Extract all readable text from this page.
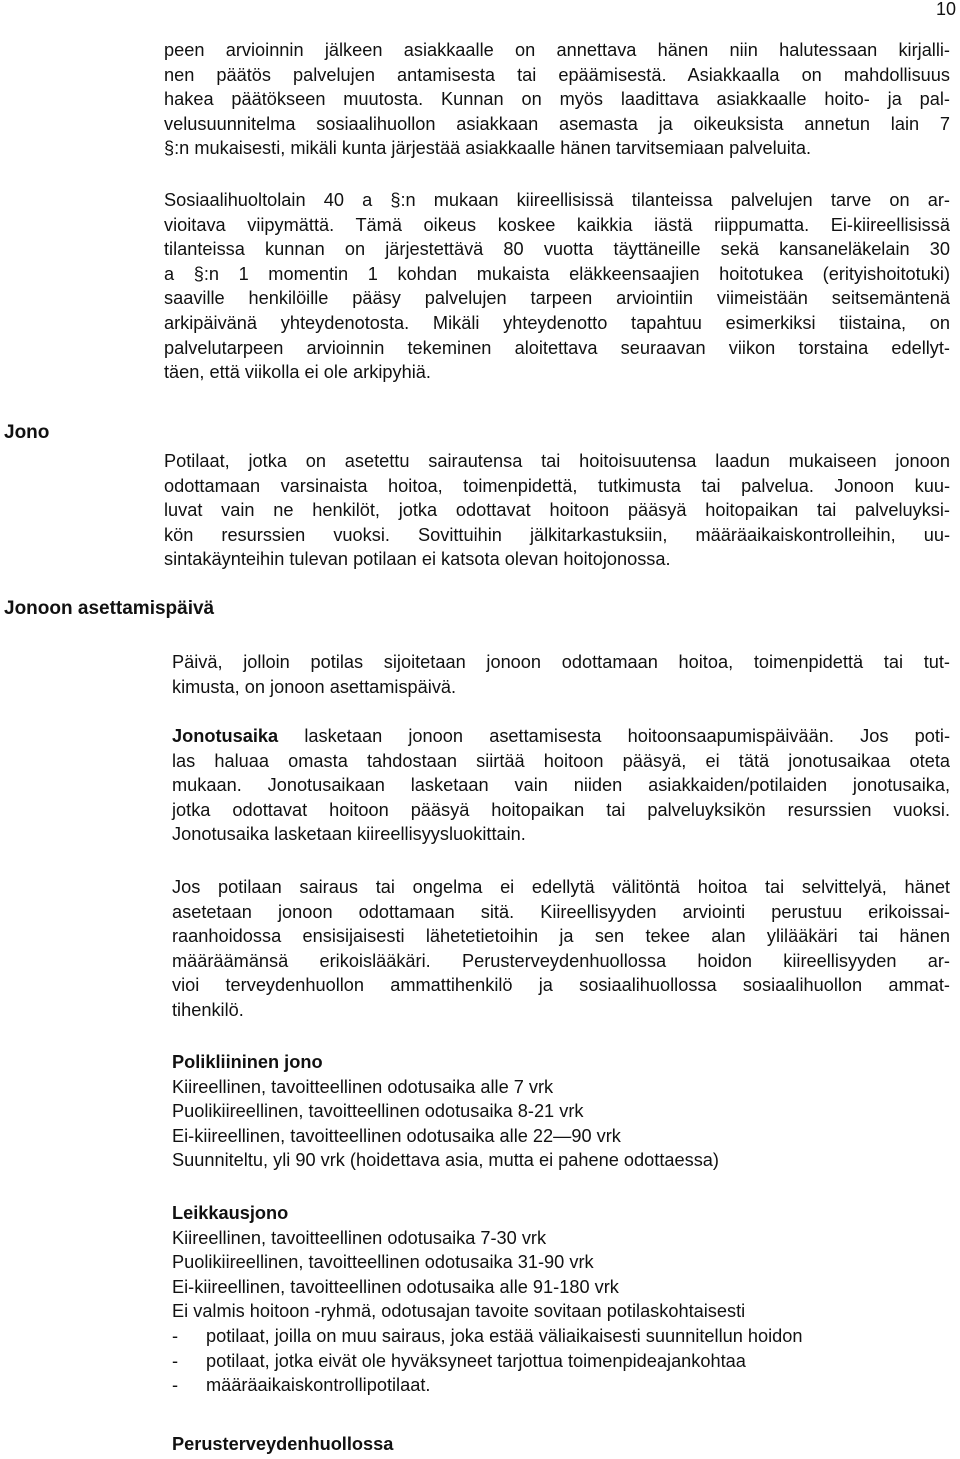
10
peen arvioinnin jälkeen asiakkaalle on annettava hänen niin halutessaan kirjalli-
nen päätös palvelujen antamisesta tai epäämisestä. Asiakkaalla on mahdollisuus
hakea päätökseen muutosta. Kunnan on myös laadittava asiakkaalle hoito- ja pal-
velusuunnitelma sosiaalihuollon asiakkaan asemasta ja oikeuksista annetun lain 7
§:n mukaisesti, mikäli kunta järjestää asiakkaalle hänen tarvitsemiaan palveluita.
Sosiaalihuoltolain 40 a §:n mukaan kiireellisissä tilanteissa palvelujen tarve on ar-
vioitava viipymättä. Tämä oikeus koskee kaikkia iästä riippumatta. Ei-kiireellisissä
tilanteissa kunnan on järjestettävä 80 vuotta täyttäneille sekä kansaneläkelain 30
a §:n 1 momentin 1 kohdan mukaista eläkkeensaajien hoitotukea (erityishoitotuki)
saaville henkilöille pääsy palvelujen tarpeen arviointiin viimeistään seitsemäntenä
arkipäivänä yhteydenotosta. Mikäli yhteydenotto tapahtuu esimerkiksi tiistaina, on
palvelutarpeen arvioinnin tekeminen aloitettava seuraavan viikon torstaina edellyt-
täen, että viikolla ei ole arkipyhiä.
Jono
Potilaat, jotka on asetettu sairautensa tai hoitoisuutensa laadun mukaiseen jonoon
odottamaan varsinaista hoitoa, toimenpidettä, tutkimusta tai palvelua. Jonoon kuu-
luvat vain ne henkilöt, jotka odottavat hoitoon pääsyä hoitopaikan tai palveluyksi-
kön resurssien vuoksi. Sovittuihin jälkitarkastuksiin, määräaikaiskontrolleihin, uu-
sintakäynteihin tulevan potilaan ei katsota olevan hoitojonossa.
Jonoon asettamispäivä
Päivä, jolloin potilas sijoitetaan jonoon odottamaan hoitoa, toimenpidettä tai tut-
kimusta, on jonoon asettamispäivä.
Jonotusaika lasketaan jonoon asettamisesta hoitoonsaapumispäivään. Jos poti-
las haluaa omasta tahdostaan siirtää hoitoon pääsyä, ei tätä jonotusaikaa oteta
mukaan. Jonotusaikaan lasketaan vain niiden asiakkaiden/potilaiden jonotusaika,
jotka odottavat hoitoon pääsyä hoitopaikan tai palveluyksikön resurssien vuoksi.
Jonotusaika lasketaan kiireellisyysluokittain.
Jos potilaan sairaus tai ongelma ei edellytä välitöntä hoitoa tai selvittelyä, hänet
asetetaan jonoon odottamaan sitä. Kiireellisyyden arviointi perustuu erikoissai-
raanhoidossa ensisijaisesti lähetetietoihin ja sen tekee alan ylilääkäri tai hänen
määräämänsä erikoislääkäri. Perusterveydenhuollossa hoidon kiireellisyyden ar-
vioi terveydenhuollon ammattihenkilö ja sosiaalihuollossa sosiaalihuollon ammat-
tihenkilö.
Polikliininen jono
Kiireellinen, tavoitteellinen odotusaika alle 7 vrk
Puolikiireellinen, tavoitteellinen odotusaika 8-21 vrk
Ei-kiireellinen, tavoitteellinen odotusaika alle 22—90 vrk
Suunniteltu, yli 90 vrk (hoidettava asia, mutta ei pahene odottaessa)
Leikkausjono
Kiireellinen, tavoitteellinen odotusaika 7-30 vrk
Puolikiireellinen, tavoitteellinen odotusaika 31-90 vrk
Ei-kiireellinen, tavoitteellinen odotusaika alle 91-180 vrk
Ei valmis hoitoon -ryhmä, odotusajan tavoite sovitaan potilaskohtaisesti
- potilaat, joilla on muu sairaus, joka estää väliaikaisesti suunnitellun hoidon
- potilaat, jotka eivät ole hyväksyneet tarjottua toimenpideajankohtaa
- määräaikaiskontrollipotilaat.
Perusterveydenhuollossa
